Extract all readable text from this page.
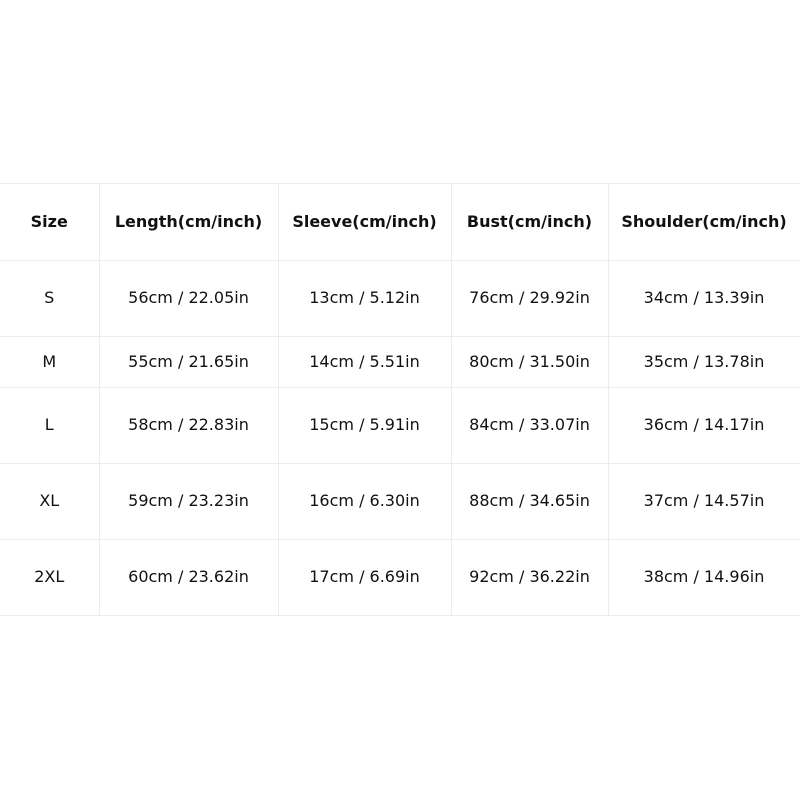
Size	Length(cm/inch)	Sleeve(cm/inch)	Bust(cm/inch)	Shoulder(cm/inch)
S	56cm / 22.05in	13cm / 5.12in	76cm / 29.92in	34cm / 13.39in
M	55cm / 21.65in	14cm / 5.51in	80cm / 31.50in	35cm / 13.78in
L	58cm / 22.83in	15cm / 5.91in	84cm / 33.07in	36cm / 14.17in
XL	59cm / 23.23in	16cm / 6.30in	88cm / 34.65in	37cm / 14.57in
2XL	60cm / 23.62in	17cm / 6.69in	92cm / 36.22in	38cm / 14.96in
